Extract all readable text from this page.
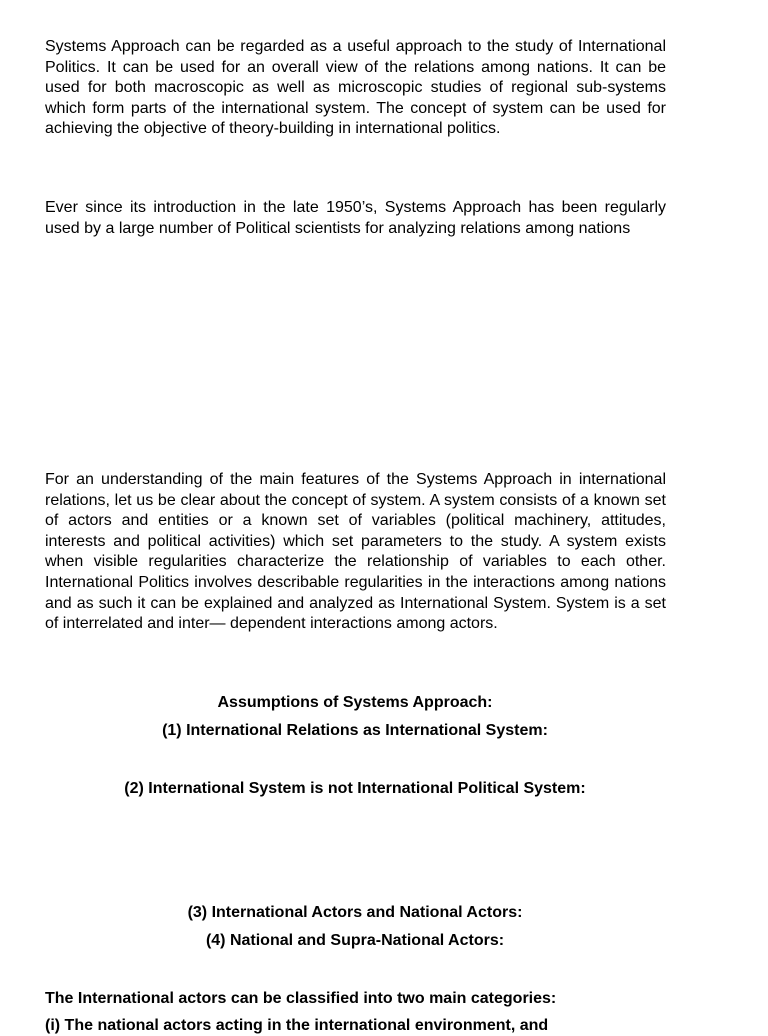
Systems Approach can be regarded as a useful approach to the study of International Politics. It can be used for an overall view of the relations among nations. It can be used for both macroscopic as well as microscopic studies of regional sub-systems which form parts of the international system. The concept of system can be used for achieving the objective of theory-building in international politics.

Ever since its introduction in the late 1950’s, Systems Approach has been regularly used by a large number of Political scientists for analyzing relations among nations

For an understanding of the main features of the Systems Approach in international relations, let us be clear about the concept of system. A system consists of a known set of actors and entities or a known set of variables (political machinery, attitudes, interests and political activities) which set parameters to the study. A system exists when visible regularities characterize the relationship of variables to each other. International Politics involves describable regularities in the interactions among nations and as such it can be explained and analyzed as International System. System is a set of interrelated and inter— dependent interactions among actors.

Assumptions of Systems Approach:

(1) International Relations as International System:

(2) International System is not International Political System:

(3) International Actors and National Actors:

(4) National and Supra-National Actors:

The International actors can be classified into two main categories:

(i) The national actors acting in the international environment, and
